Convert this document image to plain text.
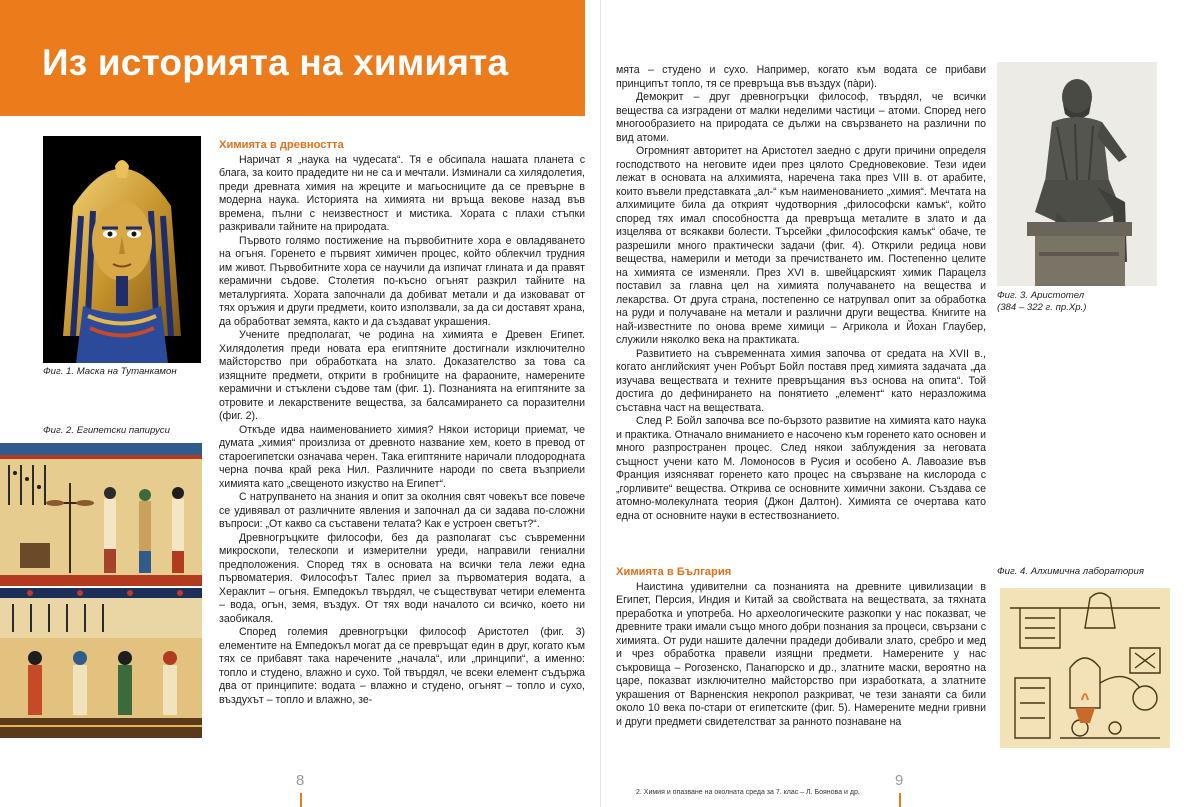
Из историята на химията
Фиг. 1. Маска на Тутанкамон
Фиг. 2. Египетски папируси
Химията в древността

Наричат я „наука на чудесата“. Тя е обсипала нашата планета с блага, за които прадедите ни не са и мечтали. Изминали са хилядолетия, преди древната химия на жреците и магьосниците да се превърне в модерна наука. Историята на химията ни връща векове назад във времена, пълни с неизвестност и мистика. Хората с плахи стъпки разкривали тайните на природата.

Първото голямо постижение на първобитните хора е овладяването на огъня. Горенето е първият химичен процес, който облекчил трудния им живот. Първобитните хора се научили да изпичат глината и да правят керамични съдове. Столетия по-късно огънят разкрил тайните на металургията. Хората започнали да добиват метали и да изковават от тях оръжия и други предмети, които използвали, за да си доставят храна, да обработват земята, както и да създават украшения.

Учените предполагат, че родина на химията е Древен Египет. Хилядолетия преди новата ера египтяните достигнали изключително майсторство при обработката на злато. Доказателство за това са изящните предмети, открити в гробниците на фараоните, намерените керамични и стъклени съдове там (фиг. 1). Познанията на египтяните за отровите и лекарствените вещества, за балсамирането са поразителни (фиг. 2).

Откъде идва наименованието химия? Някои историци приемат, че думата „химия“ произлиза от древното название хем, което в превод от староегипетски означава черен. Така египтяните наричали плодородната черна почва край река Нил. Различните народи по света възприели химията като „свещеното изкуство на Египет“.

С натрупването на знания и опит за околния свят човекът все повече се удивявал от различните явления и започнал да си задава по-сложни въпроси: „От какво са съставени телата? Как е устроен светът?“.

Древногръцките философи, без да разполагат със съвременни микроскопи, телескопи и измерителни уреди, направили гениални предположения. Според тях в основата на всички тела лежи една първоматерия. Философът Талес приел за първоматерия водата, а Хераклит – огъня. Емпедокъл твърдял, че съществуват четири елемента – вода, огън, земя, въздух. От тях води началото си всичко, което ни заобикаля.

Според големия древногръцки философ Аристотел (фиг. 3) елементите на Емпедокъл могат да се превръщат един в друг, когато към тях се прибавят така нареченитe „начала“, или „принципи“, а именно: топло и студено, влажно и сухо. Той твърдял, че всеки елемент съдържа два от принципите: водата – влажно и студено, огънят – топло и сухо, въздухът – топло и влажно, зе-

мята – студено и сухо. Например, когато към водата се прибави принципът топло, тя се превръща във въздух (пàри).

Демокрит – друг древногръцки философ, твърдял, че всички вещества са изградени от малки неделими частици – атоми. Според него многообразието на природата се дължи на свързването на различни по вид атоми.

Огромният авторитет на Аристотел заедно с други причини определя господството на неговите идеи през цялото Средновековие. Тези идеи лежат в основата на алхимията, наречена така през VIII в. от арабите, които въвели представката „ал-“ към наименованието „химия“. Мечтата на алхимиците била да открият чудотворния „философски камък“, който според тях имал способността да превръща металите в злато и да изцелява от всякакви болести. Търсейки „философския камък“ обаче, те разрешили много практически задачи (фиг. 4). Открили редица нови вещества, намерили и методи за пречистването им. Постепенно целите на химията се изменяли. През XVI в. швейцарският химик Парацелз поставил за главна цел на химията получаването на вещества и лекарства. От друга страна, постепенно се натрупвал опит за обработка на руди и получаване на метали и различни други вещества. Книгите на най-известните по онова време химици – Агрикола и Йохан Глаубер, служили няколко века на практиката.

Развитието на съвременната химия започва от средата на XVII в., когато английският учен Робърт Бойл поставя пред химията задачата „да изучава веществата и техните превръщания въз основа на опита“. Той достига до дефинирането на понятието „елемент“ като неразложима съставна част на веществата.

След Р. Бойл започва все по-бързото развитие на химията като наука и практика. Отначало вниманието е насочено към горенето като основен и много разпространен процес. След някои заблуждения за неговата същност учени като М. Ломоносов в Русия и особено А. Лавоазие във Франция изясняват горенето като процес на свързване на кислорода с „горливите“ вещества. Открива се основните химични закони. Създава се атомно-молекулната теория (Джон Далтон). Химията се очертава като една от основните науки в естествознанието.

Химията в България

Наистина удивителни са познанията на древните цивилизации в Египет, Персия, Индия и Китай за свойствата на веществата, за тяхната преработка и употреба. Но археологическите разкопки у нас показват, че древните траки имали също много добри познания за процеси, свързани с химията. От руди нашите далечни прадеди добивали злато, сребро и мед и чрез обработка правели изящни предмети. Намерените у нас съкровища – Рогозенско, Панагюрско и др., златните маски, вероятно на царе, показват изключително майсторство при изработката, а златните украшения от Варненския некропол разкриват, че тези занаяти са били около 10 века по-стари от египетските (фиг. 5). Намерените медни гривни и други предмети свидетелстват за ранното познаване на

Фиг. 3. Аристотел
(384 – 322 г. пр.Хр.)
Фиг. 4. Алхимична лаборатория
8	9
2. Химия и опазване на околната среда за 7. клас – Л. Боянова и др.
